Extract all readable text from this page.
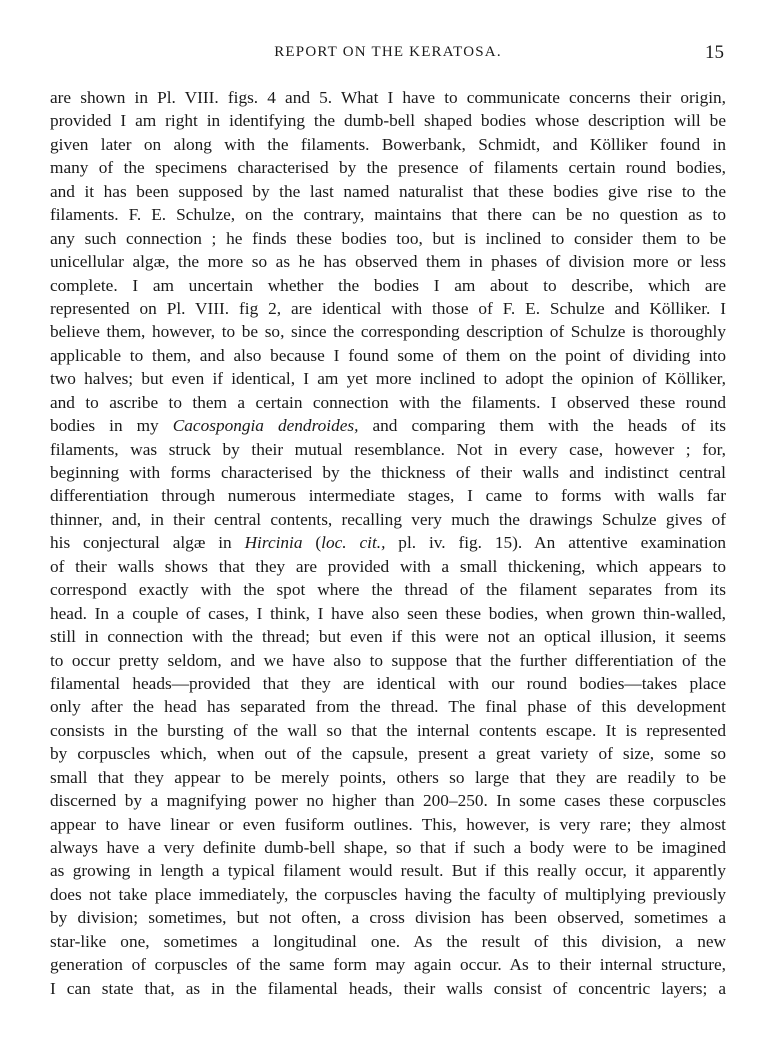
REPORT ON THE KERATOSA.	15
are shown in Pl. VIII. figs. 4 and 5. What I have to communicate concerns their origin,
provided I am right in identifying the dumb-bell shaped bodies whose description will be
given later on along with the filaments. Bowerbank, Schmidt, and Kölliker found in
many of the specimens characterised by the presence of filaments certain round bodies,
and it has been supposed by the last named naturalist that these bodies give rise to the
filaments. F. E. Schulze, on the contrary, maintains that there can be no question as to
any such connection ; he finds these bodies too, but is inclined to consider them to be
unicellular algæ, the more so as he has observed them in phases of division more or less
complete. I am uncertain whether the bodies I am about to describe, which are
represented on Pl. VIII. fig 2, are identical with those of F. E. Schulze and Kölliker. I
believe them, however, to be so, since the corresponding description of Schulze is thoroughly
applicable to them, and also because I found some of them on the point of dividing into
two halves; but even if identical, I am yet more inclined to adopt the opinion of Kölliker,
and to ascribe to them a certain connection with the filaments. I observed these round
bodies in my Cacospongia dendroides, and comparing them with the heads of its
filaments, was struck by their mutual resemblance. Not in every case, however ; for,
beginning with forms characterised by the thickness of their walls and indistinct central
differentiation through numerous intermediate stages, I came to forms with walls far
thinner, and, in their central contents, recalling very much the drawings Schulze gives of
his conjectural algæ in Hircinia (loc. cit., pl. iv. fig. 15). An attentive examination
of their walls shows that they are provided with a small thickening, which appears to
correspond exactly with the spot where the thread of the filament separates from its
head. In a couple of cases, I think, I have also seen these bodies, when grown thin-walled,
still in connection with the thread; but even if this were not an optical illusion, it seems
to occur pretty seldom, and we have also to suppose that the further differentiation of the
filamental heads—provided that they are identical with our round bodies—takes place
only after the head has separated from the thread. The final phase of this development
consists in the bursting of the wall so that the internal contents escape. It is represented
by corpuscles which, when out of the capsule, present a great variety of size, some so
small that they appear to be merely points, others so large that they are readily to be
discerned by a magnifying power no higher than 200–250. In some cases these corpuscles
appear to have linear or even fusiform outlines. This, however, is very rare; they almost
always have a very definite dumb-bell shape, so that if such a body were to be imagined
as growing in length a typical filament would result. But if this really occur, it apparently
does not take place immediately, the corpuscles having the faculty of multiplying previously
by division; sometimes, but not often, a cross division has been observed, sometimes a
star-like one, sometimes a longitudinal one. As the result of this division, a new
generation of corpuscles of the same form may again occur. As to their internal structure,
I can state that, as in the filamental heads, their walls consist of concentric layers; a
